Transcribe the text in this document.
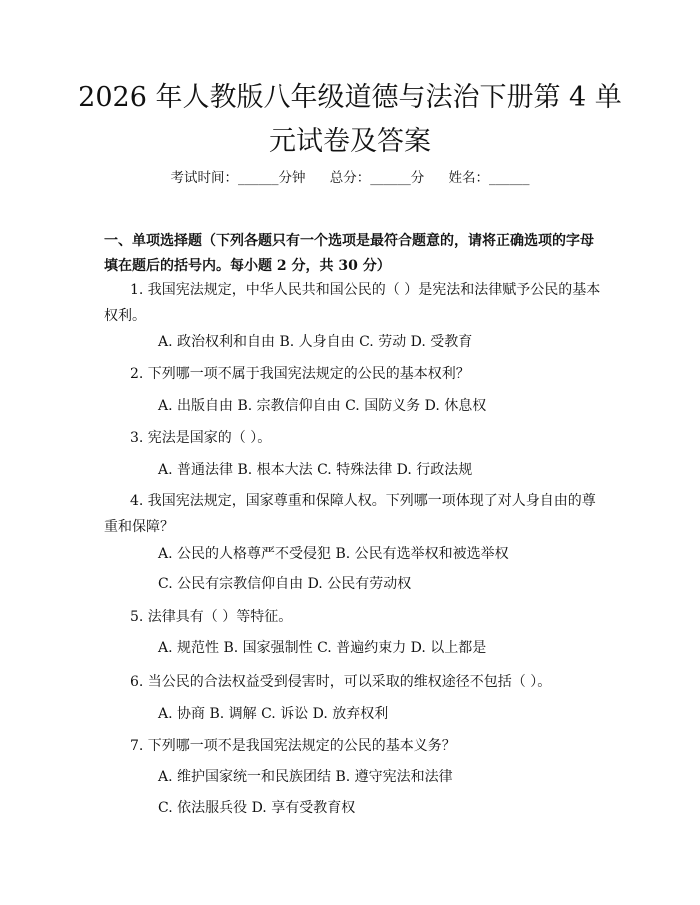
2026 年人教版八年级道德与法治下册第 4 单
元试卷及答案
考试时间：______分钟 总分：______分 姓名：______
一、单项选择题（下列各题只有一个选项是最符合题意的，请将正确选项的字母
填在题后的括号内。每小题 2 分，共 30 分）
1. 我国宪法规定，中华人民共和国公民的（ ）是宪法和法律赋予公民的基本
权利。
A. 政治权利和自由 B. 人身自由 C. 劳动 D. 受教育
2. 下列哪一项不属于我国宪法规定的公民的基本权利？
A. 出版自由 B. 宗教信仰自由 C. 国防义务 D. 休息权
3. 宪法是国家的（ ）。
A. 普通法律 B. 根本大法 C. 特殊法律 D. 行政法规
4. 我国宪法规定，国家尊重和保障人权。下列哪一项体现了对人身自由的尊
重和保障？
A. 公民的人格尊严不受侵犯 B. 公民有选举权和被选举权
C. 公民有宗教信仰自由 D. 公民有劳动权
5. 法律具有（ ）等特征。
A. 规范性 B. 国家强制性 C. 普遍约束力 D. 以上都是
6. 当公民的合法权益受到侵害时，可以采取的维权途径不包括（ ）。
A. 协商 B. 调解 C. 诉讼 D. 放弃权利
7. 下列哪一项不是我国宪法规定的公民的基本义务？
A. 维护国家统一和民族团结 B. 遵守宪法和法律
C. 依法服兵役 D. 享有受教育权
